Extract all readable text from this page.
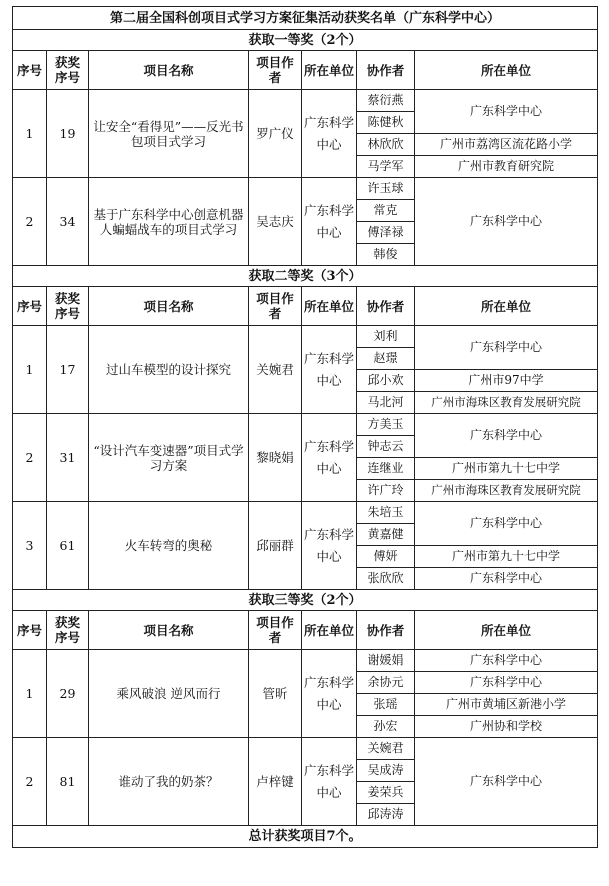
第二届全国科创项目式学习方案征集活动获奖名单（广东科学中心）						
获取一等奖（2个）						
序号	获奖序号	项目名称	项目作者	所在单位	协作者	所在单位
1	19	让安全“看得见”——反光书包项目式学习	罗广仪	广东科学中心	蔡衍燕	广东科学中心
					陈健秋	
					林欣欣	广州市荔湾区流花路小学
					马学军	广州市教育研究院
2	34	基于广东科学中心创意机器人蝙蝠战车的项目式学习	吴志庆	广东科学中心	许玉球	广东科学中心
					常克	
					傅泽禄	
					韩俊	
获取二等奖（3个）						
序号	获奖序号	项目名称	项目作者	所在单位	协作者	所在单位
1	17	过山车模型的设计探究	关婉君	广东科学中心	刘利	广东科学中心
					赵璟	
					邱小欢	广州市97中学
					马北河	广州市海珠区教育发展研究院
2	31	“设计汽车变速器”项目式学习方案	黎晓娟	广东科学中心	方美玉	广东科学中心
					钟志云	
					连继业	广州市第九十七中学
					许广玲	广州市海珠区教育发展研究院
3	61	火车转弯的奥秘	邱丽群	广东科学中心	朱培玉	广东科学中心
					黄嘉健	
					傅妍	广州市第九十七中学
					张欣欣	广东科学中心
获取三等奖（2个）						
序号	获奖序号	项目名称	项目作者	所在单位	协作者	所在单位
1	29	乘风破浪 逆风而行	管昕	广东科学中心	谢媛娟	广东科学中心
					余协元	广东科学中心
					张瑶	广州市黄埔区新港小学
					孙宏	广州协和学校
2	81	谁动了我的奶茶？	卢梓键	广东科学中心	关婉君	广东科学中心
					吴成涛	
					姜荣兵	
					邱涛涛	
总计获奖项目7个。						
